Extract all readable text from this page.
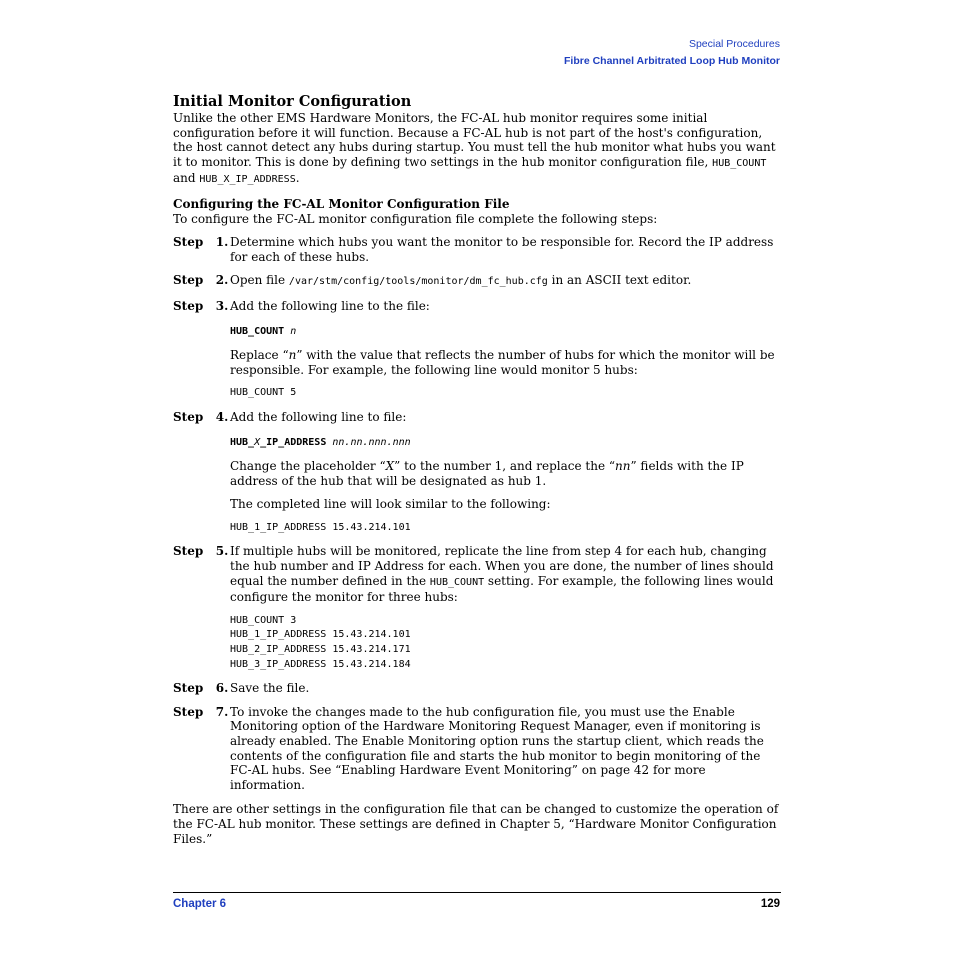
Special Procedures
Fibre Channel Arbitrated Loop Hub Monitor

Initial Monitor Configuration

Unlike the other EMS Hardware Monitors, the FC-AL hub monitor requires some initial configuration before it will function. Because a FC-AL hub is not part of the host's configuration, the host cannot detect any hubs during startup. You must tell the hub monitor what hubs you want it to monitor. This is done by defining two settings in the hub monitor configuration file, HUB_COUNT and HUB_X_IP_ADDRESS.

Configuring the FC-AL Monitor Configuration File

To configure the FC-AL monitor configuration file complete the following steps:

Step   1. Determine which hubs you want the monitor to be responsible for. Record the IP address for each of these hubs.

Step   2. Open file /var/stm/config/tools/monitor/dm_fc_hub.cfg in an ASCII text editor.

Step   3. Add the following line to the file:

HUB_COUNT n

Replace “n” with the value that reflects the number of hubs for which the monitor will be responsible. For example, the following line would monitor 5 hubs:

HUB_COUNT 5
Step   4. Add the following line to file:

HUB_X_IP_ADDRESS nn.nn.nnn.nnn

Change the placeholder “X” to the number 1, and replace the “nn” fields with the IP address of the hub that will be designated as hub 1.

The completed line will look similar to the following:

HUB_1_IP_ADDRESS 15.43.214.101
Step   5. If multiple hubs will be monitored, replicate the line from step 4 for each hub, changing the hub number and IP Address for each. When you are done, the number of lines should equal the number defined in the HUB_COUNT setting. For example, the following lines would configure the monitor for three hubs:

HUB_COUNT 3
HUB_1_IP_ADDRESS 15.43.214.101
HUB_2_IP_ADDRESS 15.43.214.171
HUB_3_IP_ADDRESS 15.43.214.184
Step   6. Save the file.

Step   7. To invoke the changes made to the hub configuration file, you must use the Enable Monitoring option of the Hardware Monitoring Request Manager, even if monitoring is already enabled. The Enable Monitoring option runs the startup client, which reads the contents of the configuration file and starts the hub monitor to begin monitoring of the FC-AL hubs. See “Enabling Hardware Event Monitoring” on page 42 for more information.

There are other settings in the configuration file that can be changed to customize the operation of the FC-AL hub monitor. These settings are defined in Chapter 5, “Hardware Monitor Configuration Files.”

Chapter 6	129
